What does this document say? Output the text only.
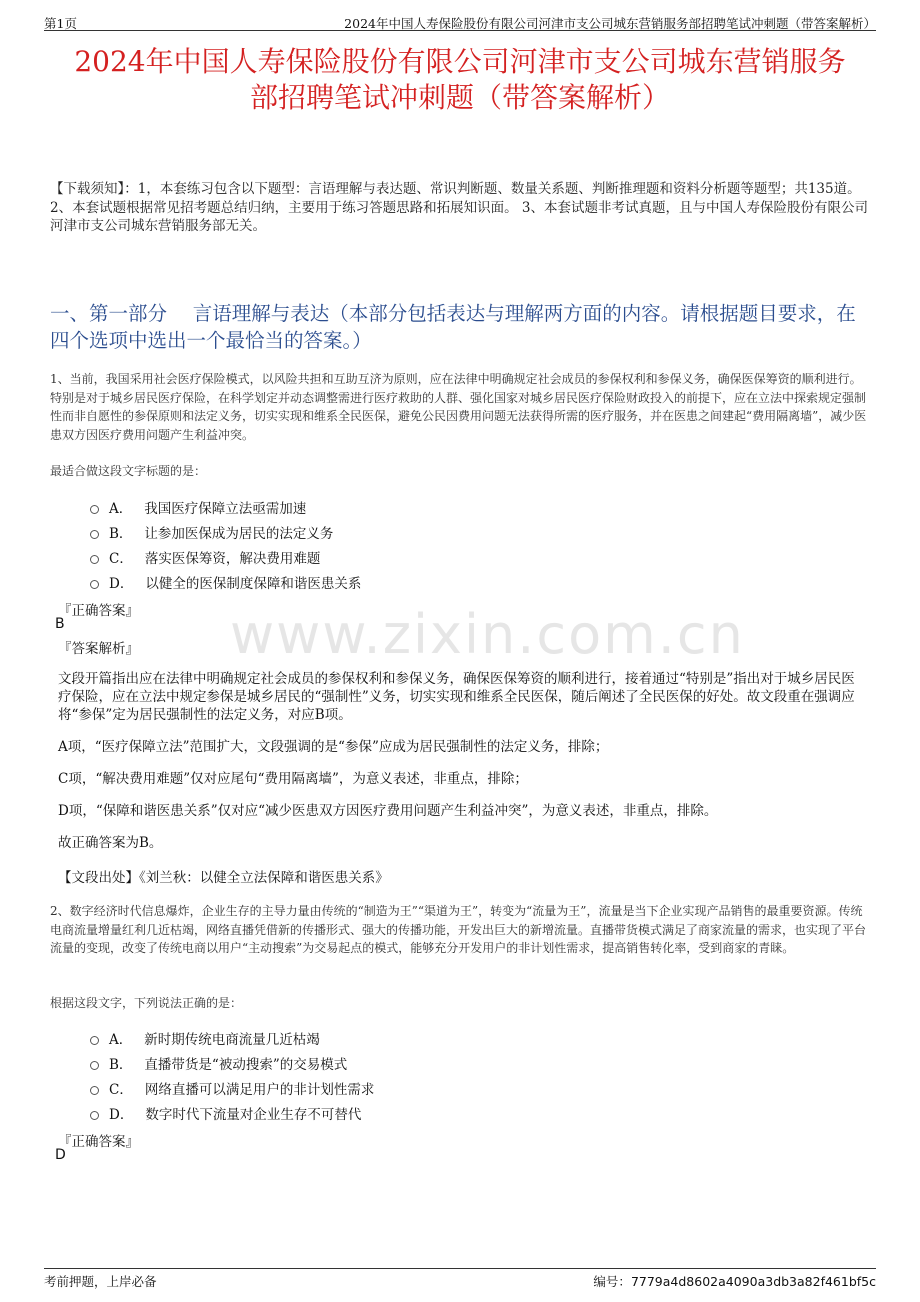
第1页	2024年中国人寿保险股份有限公司河津市支公司城东营销服务部招聘笔试冲刺题（带答案解析）
2024年中国人寿保险股份有限公司河津市支公司城东营销服务
部招聘笔试冲刺题（带答案解析）
【下载须知】：1，本套练习包含以下题型：言语理解与表达题、常识判断题、数量关系题、判断推理题和资料分析题等题型；共135道。 2、本套试题根据常见招考题总结归纳，主要用于练习答题思路和拓展知识面。 3、本套试题非考试真题，且与中国人寿保险股份有限公司河津市支公司城东营销服务部无关。
一、第一部分　 言语理解与表达（本部分包括表达与理解两方面的内容。请根据题目要求，在四个选项中选出一个最恰当的答案。）
www.zixin.com.cn
1、当前，我国采用社会医疗保险模式，以风险共担和互助互济为原则，应在法律中明确规定社会成员的参保权利和参保义务，确保医保筹资的顺利进行。特别是对于城乡居民医疗保险，在科学划定并动态调整需进行医疗救助的人群、强化国家对城乡居民医疗保险财政投入的前提下，应在立法中探索规定强制性而非自愿性的参保原则和法定义务，切实实现和维系全民医保，避免公民因费用问题无法获得所需的医疗服务，并在医患之间建起“费用隔离墙”，减少医患双方因医疗费用问题产生利益冲突。
最适合做这段文字标题的是：
A． 我国医疗保障立法亟需加速
B． 让参加医保成为居民的法定义务
C． 落实医保筹资，解决费用难题
D． 以健全的医保制度保障和谐医患关系
『正确答案』
B
『答案解析』
文段开篇指出应在法律中明确规定社会成员的参保权利和参保义务，确保医保筹资的顺利进行，接着通过“特别是”指出对于城乡居民医疗保险，应在立法中规定参保是城乡居民的“强制性”义务，切实实现和维系全民医保，随后阐述了全民医保的好处。故文段重在强调应将“参保”定为居民强制性的法定义务，对应B项。
A项，“医疗保障立法”范围扩大，文段强调的是“参保”应成为居民强制性的法定义务，排除；
C项，“解决费用难题”仅对应尾句“费用隔离墙”，为意义表述，非重点，排除；
D项，“保障和谐医患关系”仅对应“减少医患双方因医疗费用问题产生利益冲突”，为意义表述，非重点，排除。
故正确答案为B。
【文段出处】《刘兰秋：以健全立法保障和谐医患关系》
2、数字经济时代信息爆炸，企业生存的主导力量由传统的“制造为王”“渠道为王”，转变为“流量为王”，流量是当下企业实现产品销售的最重要资源。传统电商流量增量红利几近枯竭，网络直播凭借新的传播形式、强大的传播功能，开发出巨大的新增流量。直播带货模式满足了商家流量的需求，也实现了平台流量的变现，改变了传统电商以用户“主动搜索”为交易起点的模式，能够充分开发用户的非计划性需求，提高销售转化率，受到商家的青睐。
根据这段文字，下列说法正确的是：
A． 新时期传统电商流量几近枯竭
B． 直播带货是“被动搜索”的交易模式
C． 网络直播可以满足用户的非计划性需求
D． 数字时代下流量对企业生存不可替代
『正确答案』
D
考前押题，上岸必备	编号：7779a4d8602a4090a3db3a82f461bf5c
